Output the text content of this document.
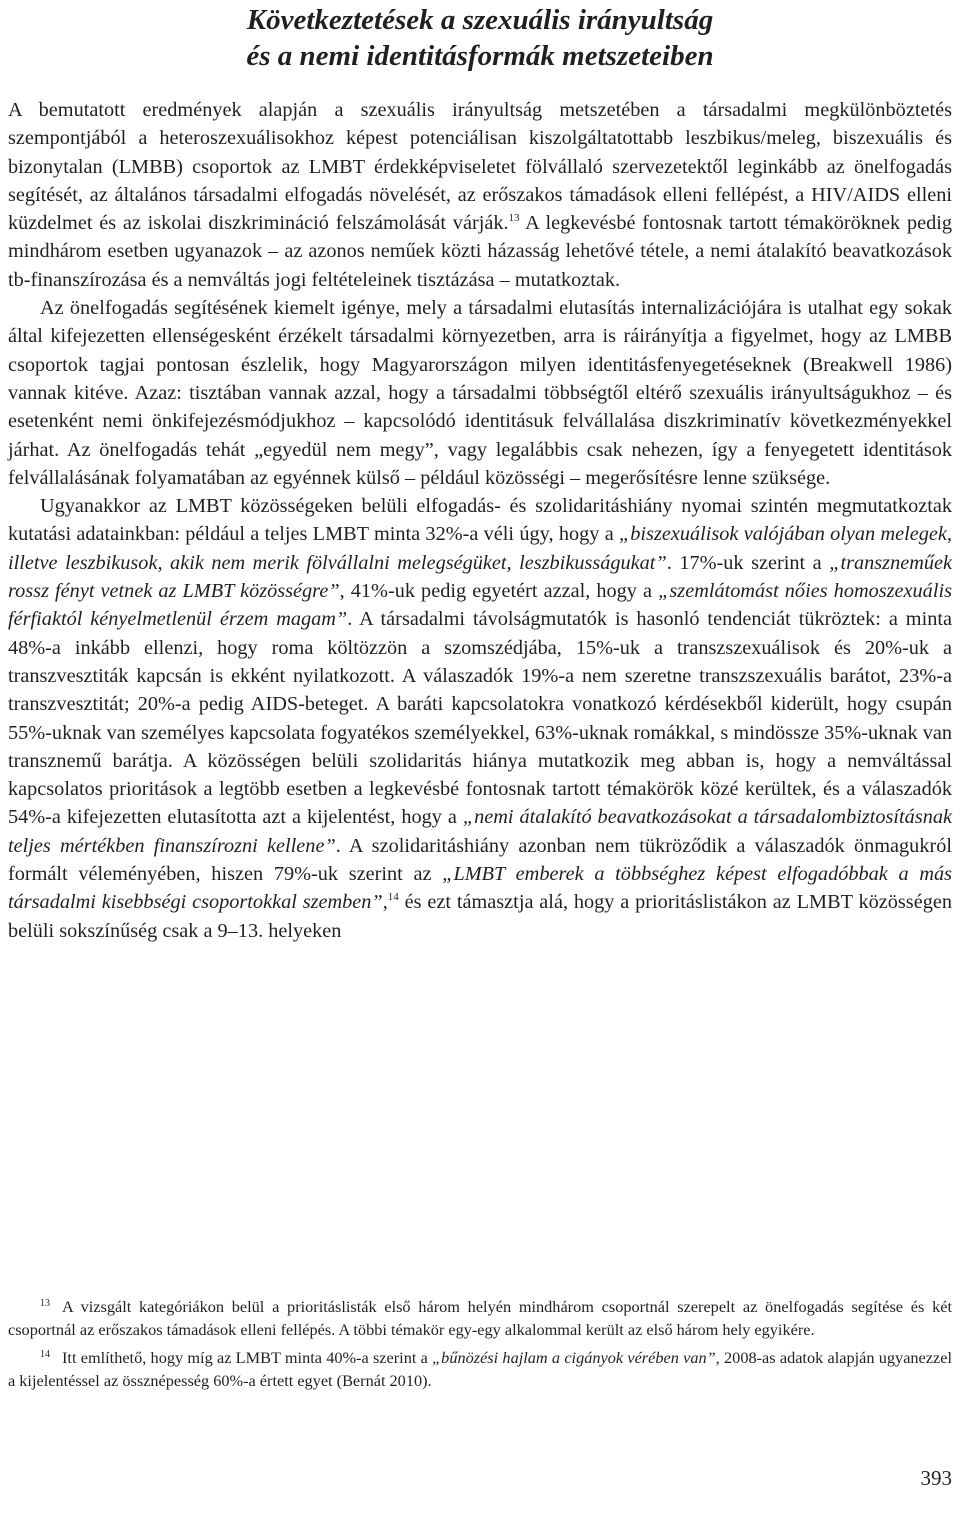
Következtetések a szexuális irányultság
és a nemi identitásformák metszeteiben

A bemutatott eredmények alapján a szexuális irányultság metszetében a társadalmi megkülönböztetés szempontjából a heteroszexuálisokhoz képest potenciálisan kiszolgáltatottabb leszbikus/meleg, biszexuális és bizonytalan (LMBB) csoportok az LMBT érdekképviseletet fölvállaló szervezetektől leginkább az önelfogadás segítését, az általános társadalmi elfogadás növelését, az erőszakos támadások elleni fellépést, a HIV/AIDS elleni küzdelmet és az iskolai diszkrimináció felszámolását várják.$^{13}$ A legkevésbé fontosnak tartott témaköröknek pedig mindhárom esetben ugyanazok – az azonos neműek közti házasság lehetővé tétele, a nemi átalakító beavatkozások tb-finanszírozása és a nemváltás jogi feltételeinek tisztázása – mutatkoztak.

Az önelfogadás segítésének kiemelt igénye, mely a társadalmi elutasítás internalizációjára is utalhat egy sokak által kifejezetten ellenségesként érzékelt társadalmi környezetben, arra is ráirányítja a figyelmet, hogy az LMBB csoportok tagjai pontosan észlelik, hogy Magyarországon milyen identitásfenyegetéseknek (Breakwell 1986) vannak kitéve. Azaz: tisztában vannak azzal, hogy a társadalmi többségtől eltérő szexuális irányultságukhoz – és esetenként nemi önkifejezésmódjukhoz – kapcsolódó identitásuk felvállalása diszkriminatív következményekkel járhat. Az önelfogadás tehát „egyedül nem megy”, vagy legalábbis csak nehezen, így a fenyegetett identitások felvállalásának folyamatában az egyénnek külső – például közösségi – megerősítésre lenne szüksége.

Ugyanakkor az LMBT közösségeken belüli elfogadás- és szolidaritáshiány nyomai szintén megmutatkoztak kutatási adatainkban: például a teljes LMBT minta 32%-a véli úgy, hogy a „biszexuálisok valójában olyan melegek, illetve leszbikusok, akik nem merik fölvállalni melegségüket, leszbikusságukat”. 17%-uk szerint a „transzneműek rossz fényt vetnek az LMBT közösségre”, 41%-uk pedig egyetért azzal, hogy a „szemlátomást nőies homoszexuális férfiaktól kényelmetlenül érzem magam”. A társadalmi távolságmutatók is hasonló tendenciát tükröztek: a minta 48%-a inkább ellenzi, hogy roma költözzön a szomszédjába, 15%-uk a transzszexuálisok és 20%-uk a transzvesztiták kapcsán is ekként nyilatkozott. A válaszadók 19%-a nem szeretne transzszexuális barátot, 23%-a transzvesztitát; 20%-a pedig AIDS-beteget. A baráti kapcsolatokra vonatkozó kérdésekből kiderült, hogy csupán 55%-uknak van személyes kapcsolata fogyatékos személyekkel, 63%-uknak romákkal, s mindössze 35%-uknak van transznemű barátja. A közösségen belüli szolidaritás hiánya mutatkozik meg abban is, hogy a nemváltással kapcsolatos prioritások a legtöbb esetben a legkevésbé fontosnak tartott témakörök közé kerültek, és a válaszadók 54%-a kifejezetten elutasította azt a kijelentést, hogy a „nemi átalakító beavatkozásokat a társadalombiztosításnak teljes mértékben finanszírozni kellene”. A szolidaritáshiány azonban nem tükröződik a válaszadók önmagukról formált véleményében, hiszen 79%-uk szerint az „LMBT emberek a többséghez képest elfogadóbbak a más társadalmi kisebbségi csoportokkal szemben”,$^{14}$ és ezt támasztja alá, hogy a prioritáslistákon az LMBT közösségen belüli sokszínűség csak a 9–13. helyeken

$^{13}$ A vizsgált kategóriákon belül a prioritáslisták első három helyén mindhárom csoportnál szerepelt az önelfogadás segítése és két csoportnál az erőszakos támadások elleni fellépés. A többi témakör egy-egy alkalommal került az első három hely egyikére.

$^{14}$ Itt említhető, hogy míg az LMBT minta 40%-a szerint a „bűnözési hajlam a cigányok vérében van”, 2008-as adatok alapján ugyanezzel a kijelentéssel az össznépesség 60%-a értett egyet (Bernát 2010).

393
